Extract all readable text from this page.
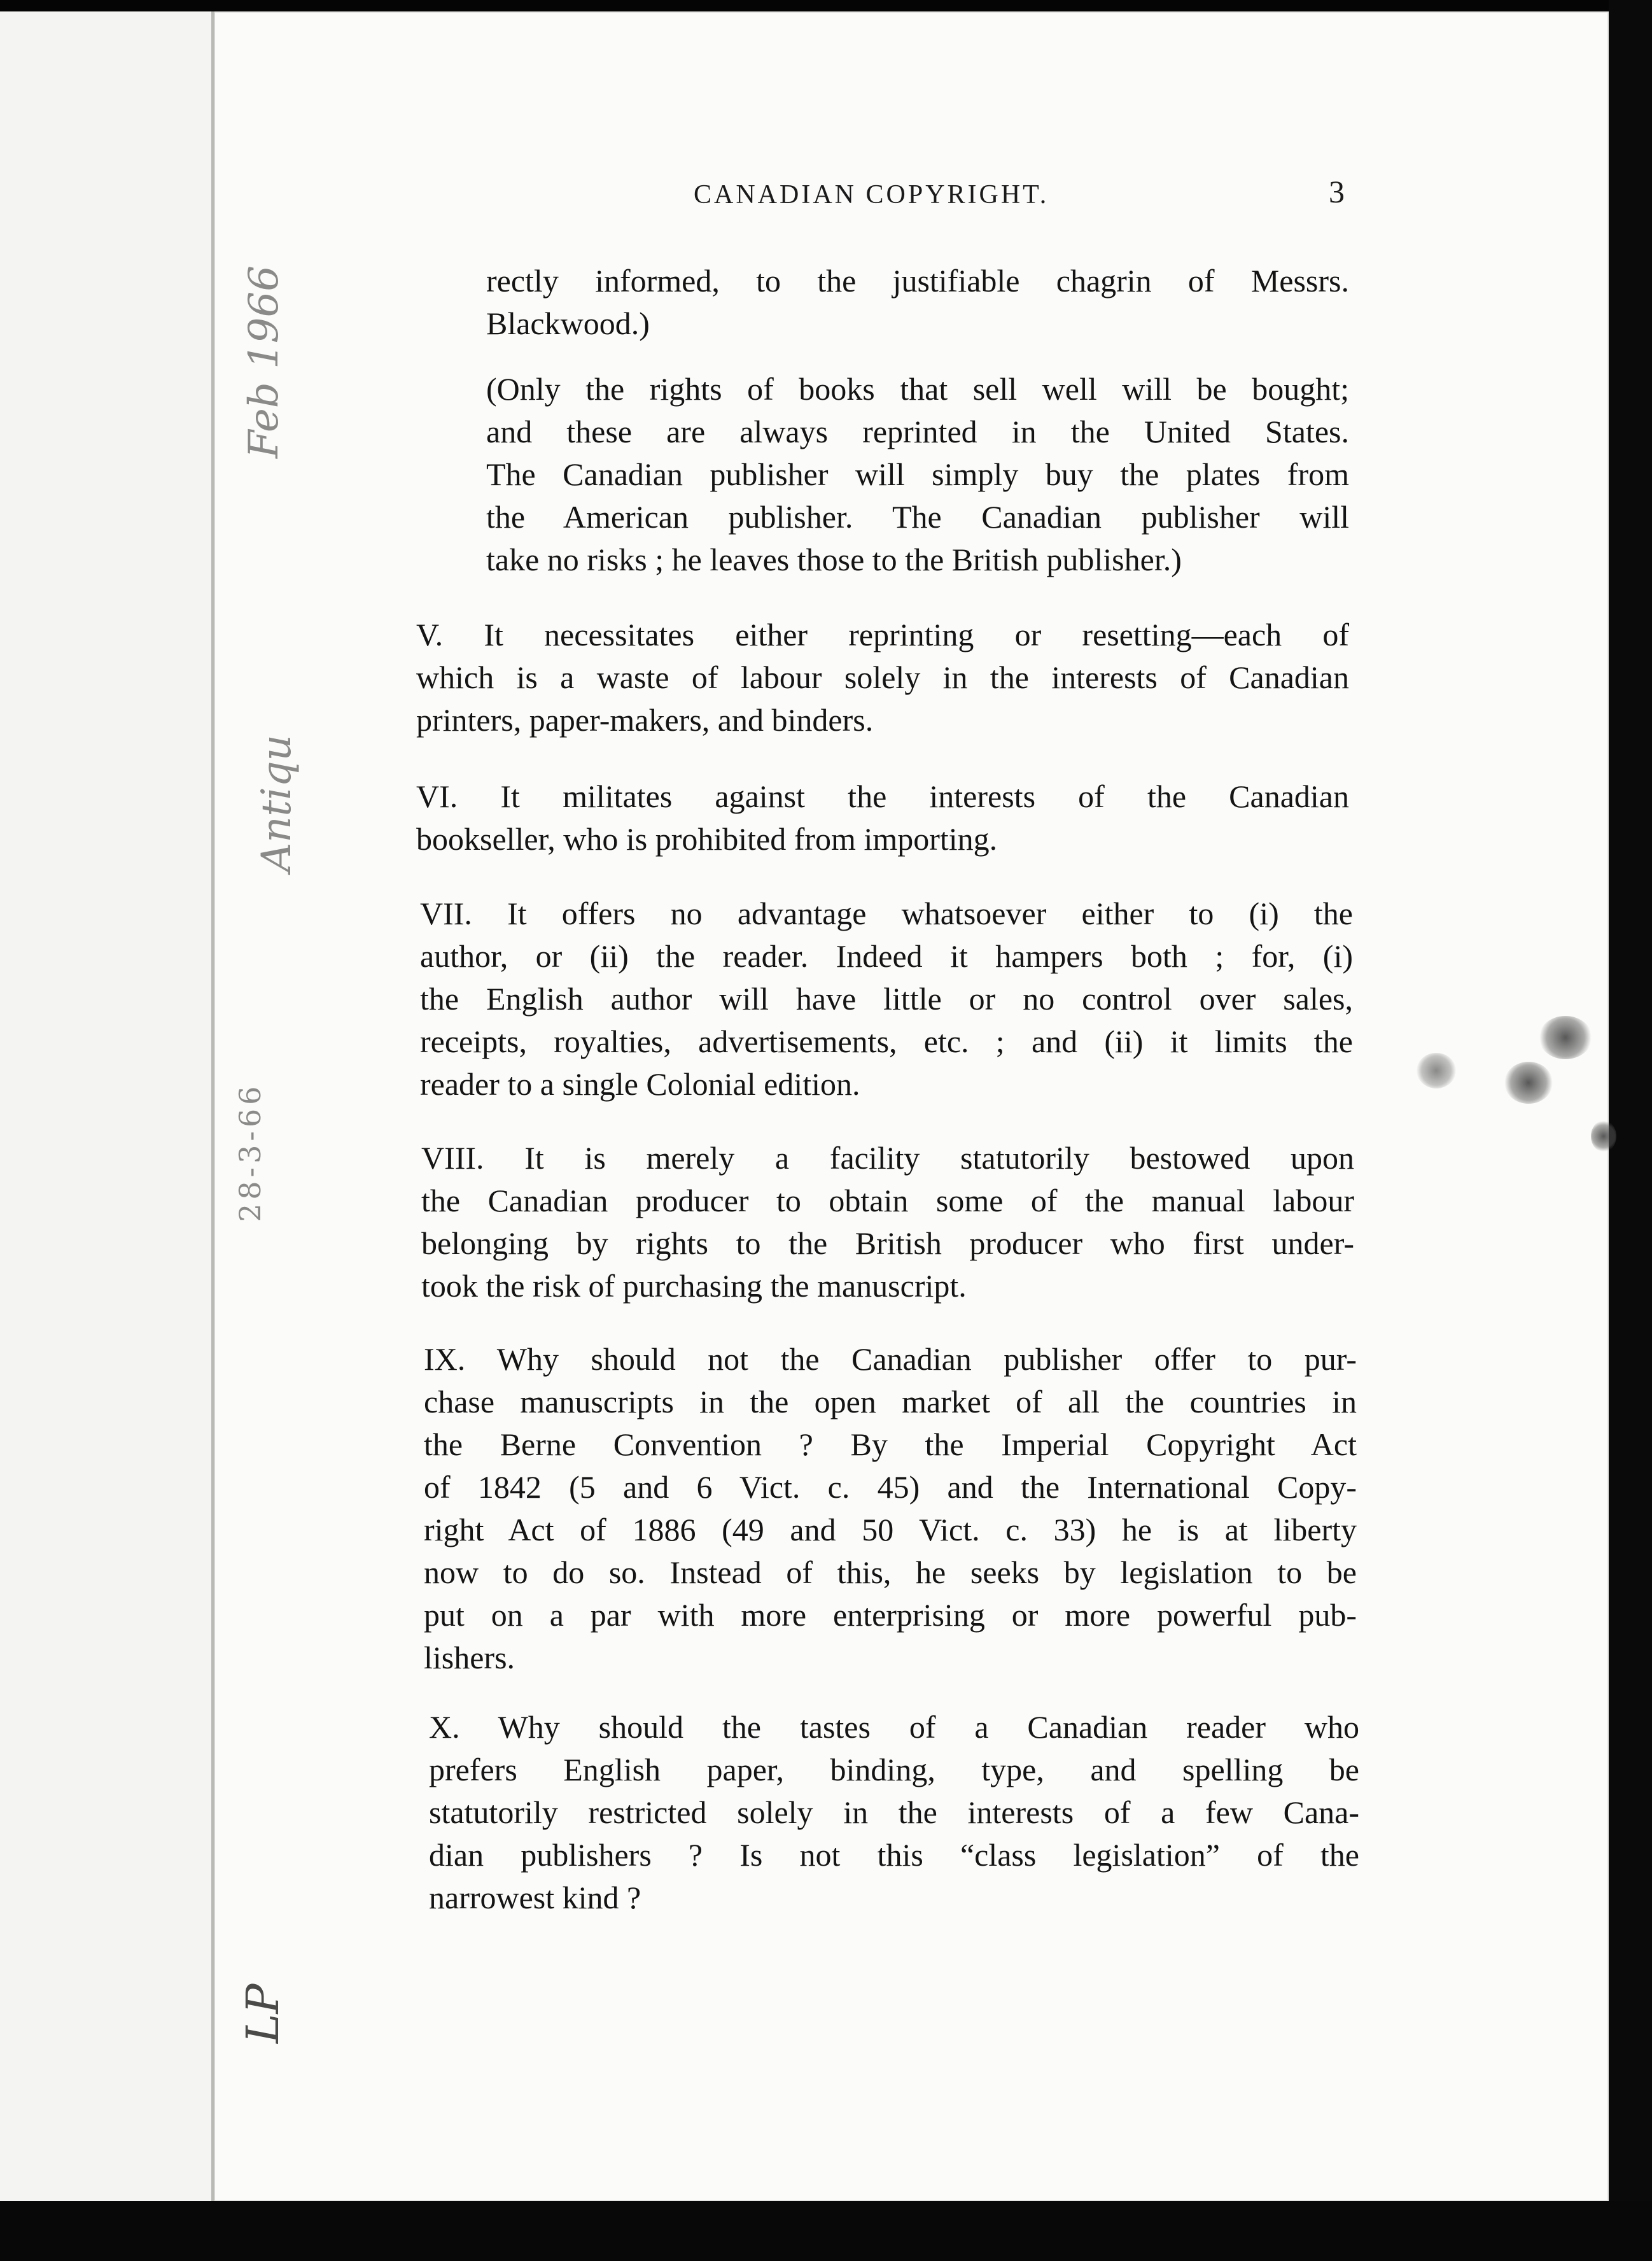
CANADIAN COPYRIGHT.	3
rectly informed, to the justifiable chagrin of Messrs.
Blackwood.)
(Only the rights of books that sell well will be bought;
and these are always reprinted in the United States.
The Canadian publisher will simply buy the plates from
the American publisher. The Canadian publisher will
take no risks ; he leaves those to the British publisher.)
V. It necessitates either reprinting or resetting—each of
which is a waste of labour solely in the interests of Canadian
printers, paper-makers, and binders.
VI. It militates against the interests of the Canadian
bookseller, who is prohibited from importing.
VII. It offers no advantage whatsoever either to (i) the
author, or (ii) the reader. Indeed it hampers both ; for, (i)
the English author will have little or no control over sales,
receipts, royalties, advertisements, etc. ; and (ii) it limits the
reader to a single Colonial edition.
VIII. It is merely a facility statutorily bestowed upon
the Canadian producer to obtain some of the manual labour
belonging by rights to the British producer who first under-
took the risk of purchasing the manuscript.
IX. Why should not the Canadian publisher offer to pur-
chase manuscripts in the open market of all the countries in
the Berne Convention ? By the Imperial Copyright Act
of 1842 (5 and 6 Vict. c. 45) and the International Copy-
right Act of 1886 (49 and 50 Vict. c. 33) he is at liberty
now to do so. Instead of this, he seeks by legislation to be
put on a par with more enterprising or more powerful pub-
lishers.
X. Why should the tastes of a Canadian reader who
prefers English paper, binding, type, and spelling be
statutorily restricted solely in the interests of a few Cana-
dian publishers ? Is not this “class legislation” of the
narrowest kind ?
Feb 1966
Antiqu
28-3-66
LP
